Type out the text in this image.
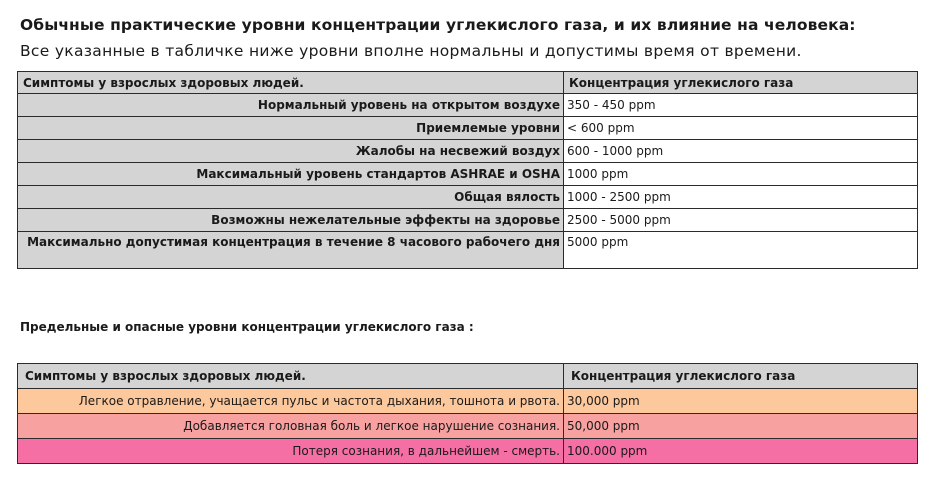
Обычные практические уровни концентрации углекислого газа, и их влияние на человека:
Все указанные в табличке ниже уровни вполне нормальны и допустимы время от времени.
Симптомы у взрослых здоровых людей.	Концентрация углекислого газа
Нормальный уровень на открытом воздухе	350 - 450 ppm
Приемлемые уровни	< 600 ppm
Жалобы на несвежий воздух	600 - 1000 ppm
Максимальный уровень стандартов ASHRAE и OSHA	1000 ppm
Общая вялость	1000 - 2500 ppm
Возможны нежелательные эффекты на здоровье	2500 - 5000 ppm
Максимально допустимая концентрация в течение 8 часового рабочего дня	5000 ppm
Предельные и опасные уровни концентрации углекислого газа :
Симптомы у взрослых здоровых людей.	Концентрация углекислого газа
Легкое отравление, учащается пульс и частота дыхания, тошнота и рвота.	30,000 ppm
Добавляется головная боль и легкое нарушение сознания.	50,000 ppm
Потеря сознания, в дальнейшем - смерть.	100.000 ppm
